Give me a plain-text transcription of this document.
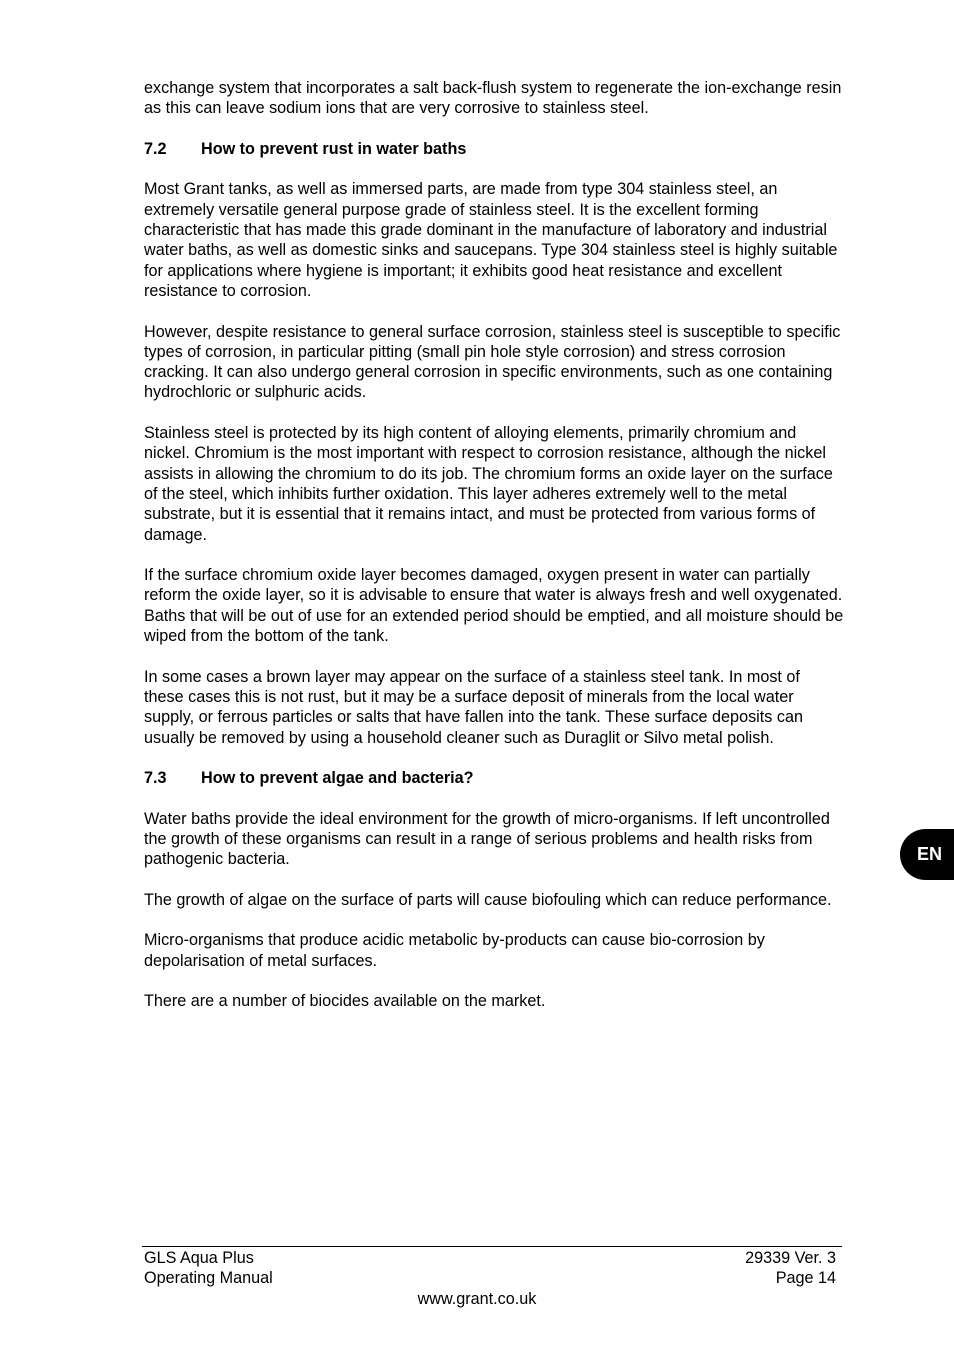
exchange system that incorporates a salt back-flush system to regenerate the ion-exchange resin as this can leave sodium ions that are very corrosive to stainless steel.

7.2	How to prevent rust in water baths

Most Grant tanks, as well as immersed parts, are made from type 304 stainless steel, an extremely versatile general purpose grade of stainless steel. It is the excellent forming characteristic that has made this grade dominant in the manufacture of laboratory and industrial water baths, as well as domestic sinks and saucepans. Type 304 stainless steel is highly suitable for applications where hygiene is important; it exhibits good heat resistance and excellent resistance to corrosion.

However, despite resistance to general surface corrosion, stainless steel is susceptible to specific types of corrosion, in particular pitting (small pin hole style corrosion) and stress corrosion cracking. It can also undergo general corrosion in specific environments, such as one containing hydrochloric or sulphuric acids.

Stainless steel is protected by its high content of alloying elements, primarily chromium and nickel. Chromium is the most important with respect to corrosion resistance, although the nickel assists in allowing the chromium to do its job. The chromium forms an oxide layer on the surface of the steel, which inhibits further oxidation. This layer adheres extremely well to the metal substrate, but it is essential that it remains intact, and must be protected from various forms of damage.

If the surface chromium oxide layer becomes damaged, oxygen present in water can partially reform the oxide layer, so it is advisable to ensure that water is always fresh and well oxygenated. Baths that will be out of use for an extended period should be emptied, and all moisture should be wiped from the bottom of the tank.

In some cases a brown layer may appear on the surface of a stainless steel tank. In most of these cases this is not rust, but it may be a surface deposit of minerals from the local water supply, or ferrous particles or salts that have fallen into the tank. These surface deposits can usually be removed by using a household cleaner such as Duraglit or Silvo metal polish.

7.3	How to prevent algae and bacteria?

Water baths provide the ideal environment for the growth of micro-organisms. If left uncontrolled the growth of these organisms can result in a range of serious problems and health risks from pathogenic bacteria.

The growth of algae on the surface of parts will cause biofouling which can reduce performance.

Micro-organisms that produce acidic metabolic by-products can cause bio-corrosion by depolarisation of metal surfaces.

There are a number of biocides available on the market.

EN
GLS Aqua Plus
Operating Manual
29339 Ver. 3
Page 14
www.grant.co.uk
